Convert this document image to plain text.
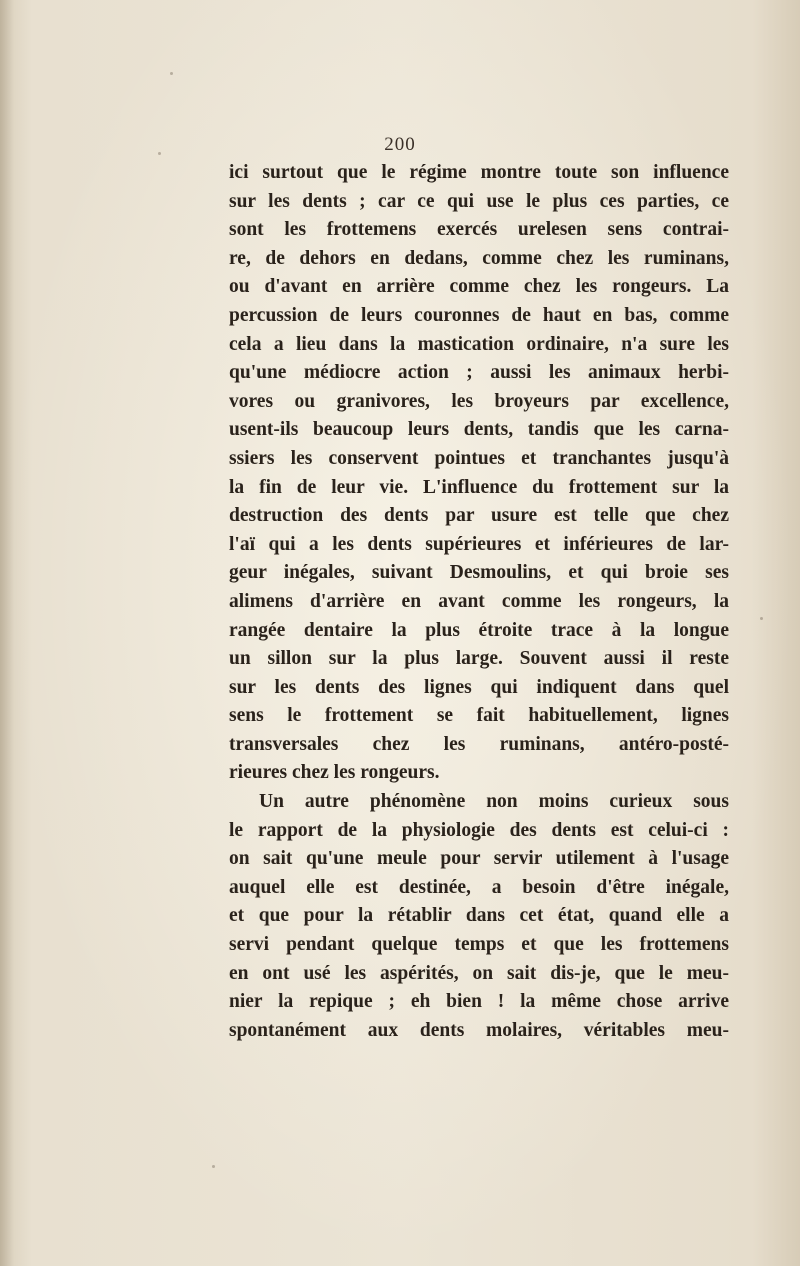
200
ici surtout que le régime montre toute son influence
sur les dents ; car ce qui use le plus ces parties, ce
sont les frottemens exercés urelesen sens contrai-
re, de dehors en dedans, comme chez les ruminans,
ou d'avant en arrière comme chez les rongeurs. La
percussion de leurs couronnes de haut en bas, comme
cela a lieu dans la mastication ordinaire, n'a sure les
qu'une médiocre action ; aussi les animaux herbi-
vores ou granivores, les broyeurs par excellence,
usent-ils beaucoup leurs dents, tandis que les carna-
ssiers les conservent pointues et tranchantes jusqu'à
la fin de leur vie. L'influence du frottement sur la
destruction des dents par usure est telle que chez
l'aï qui a les dents supérieures et inférieures de lar-
geur inégales, suivant Desmoulins, et qui broie ses
alimens d'arrière en avant comme les rongeurs, la
rangée dentaire la plus étroite trace à la longue
un sillon sur la plus large. Souvent aussi il reste
sur les dents des lignes qui indiquent dans quel
sens le frottement se fait habituellement, lignes
transversales chez les ruminans, antéro-posté-
rieures chez les rongeurs.
Un autre phénomène non moins curieux sous
le rapport de la physiologie des dents est celui-ci :
on sait qu'une meule pour servir utilement à l'usage
auquel elle est destinée, a besoin d'être inégale,
et que pour la rétablir dans cet état, quand elle a
servi pendant quelque temps et que les frottemens
en ont usé les aspérités, on sait dis-je, que le meu-
nier la repique ; eh bien ! la même chose arrive
spontanément aux dents molaires, véritables meu-
